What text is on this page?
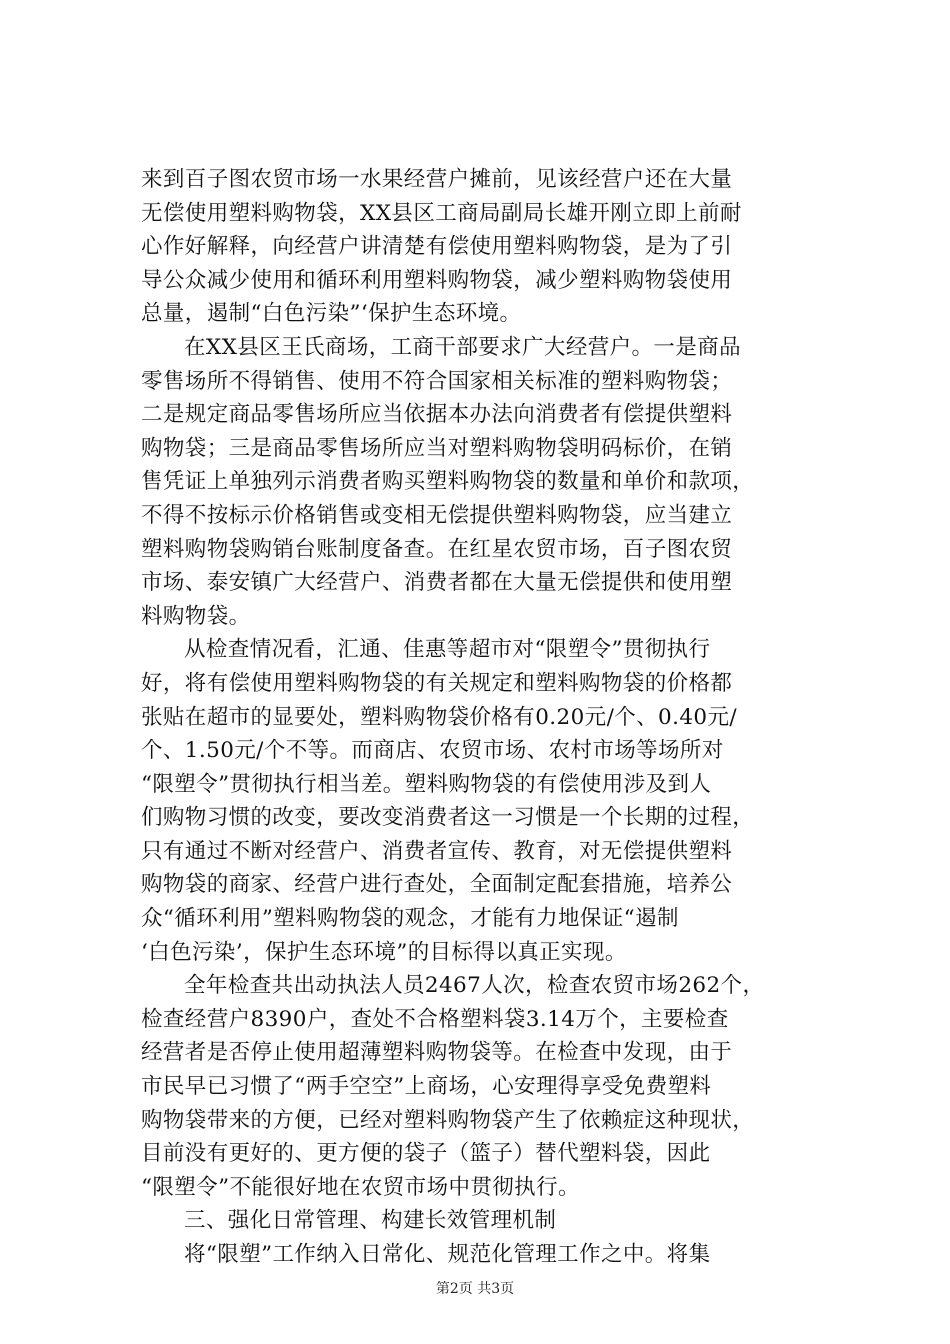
来到百子图农贸市场一水果经营户摊前，见该经营户还在大量
无偿使用塑料购物袋，XX县区工商局副局长雄开刚立即上前耐
心作好解释，向经营户讲清楚有偿使用塑料购物袋，是为了引
导公众减少使用和循环利用塑料购物袋，减少塑料购物袋使用
总量，遏制“白色污染”‘保护生态环境。
在XX县区王氏商场，工商干部要求广大经营户。一是商品
零售场所不得销售、使用不符合国家相关标准的塑料购物袋；
二是规定商品零售场所应当依据本办法向消费者有偿提供塑料
购物袋；三是商品零售场所应当对塑料购物袋明码标价，在销
售凭证上单独列示消费者购买塑料购物袋的数量和单价和款项，
不得不按标示价格销售或变相无偿提供塑料购物袋，应当建立
塑料购物袋购销台账制度备查。在红星农贸市场，百子图农贸
市场、泰安镇广大经营户、消费者都在大量无偿提供和使用塑
料购物袋。
从检查情况看，汇通、佳惠等超市对“限塑令”贯彻执行
好，将有偿使用塑料购物袋的有关规定和塑料购物袋的价格都
张贴在超市的显要处，塑料购物袋价格有0.20元/个、0.40元/
个、1.50元/个不等。而商店、农贸市场、农村市场等场所对
“限塑令”贯彻执行相当差。塑料购物袋的有偿使用涉及到人
们购物习惯的改变，要改变消费者这一习惯是一个长期的过程，
只有通过不断对经营户、消费者宣传、教育，对无偿提供塑料
购物袋的商家、经营户进行查处，全面制定配套措施，培养公
众“循环利用”塑料购物袋的观念，才能有力地保证“遏制
‘白色污染’，保护生态环境”的目标得以真正实现。
全年检查共出动执法人员2467人次，检查农贸市场262个，
检查经营户8390户，查处不合格塑料袋3.14万个，主要检查
经营者是否停止使用超薄塑料购物袋等。在检查中发现，由于
市民早已习惯了“两手空空”上商场，心安理得享受免费塑料
购物袋带来的方便，已经对塑料购物袋产生了依赖症这种现状，
目前没有更好的、更方便的袋子（篮子）替代塑料袋，因此
“限塑令”不能很好地在农贸市场中贯彻执行。
三、强化日常管理、构建长效管理机制
将“限塑”工作纳入日常化、规范化管理工作之中。将集
第2页 共3页
